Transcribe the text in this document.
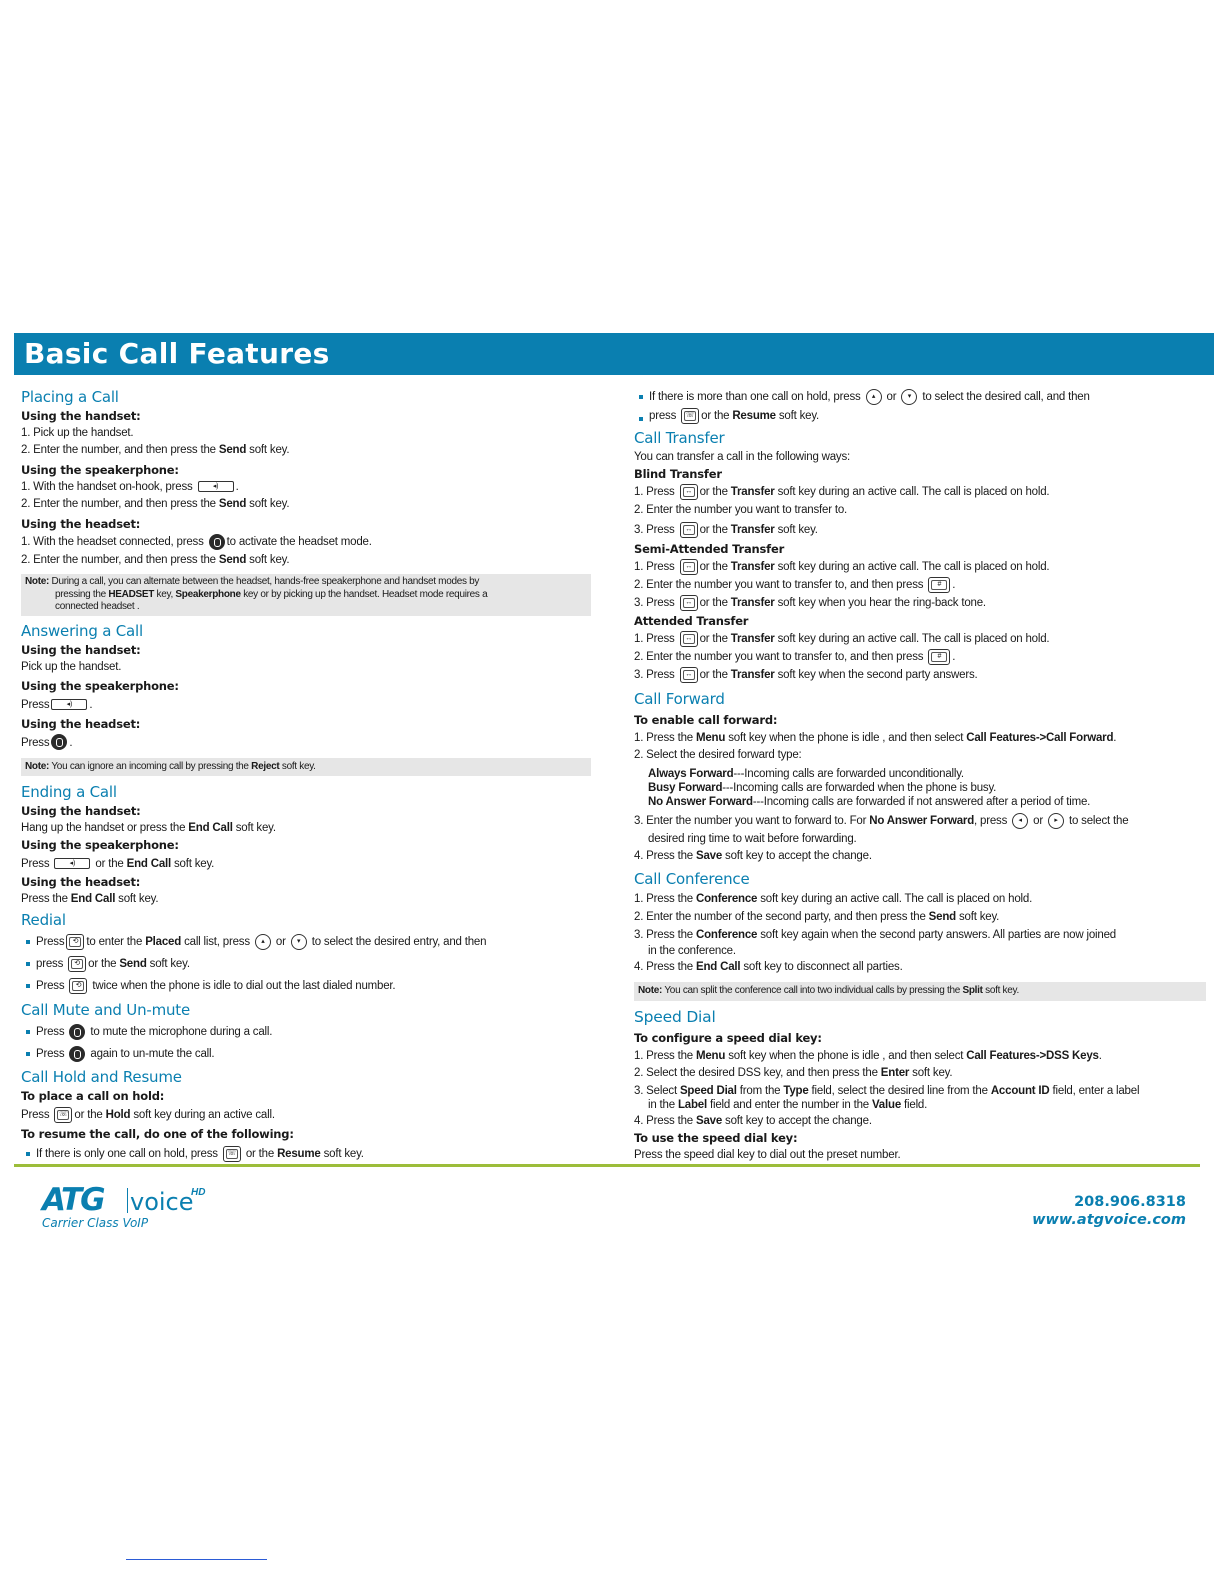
Basic Call Features
Placing a Call
Using the handset:
1. Pick up the handset.
2. Enter the number, and then press the Send soft key.
Using the speakerphone:
1. With the handset on-hook, press	◂)	.
2. Enter the number, and then press the Send soft key.
Using the headset:
1. With the headset connected, press to activate the headset mode.
2. Enter the number, and then press the Send soft key.
Note: During a call, you can alternate between the headset, hands-free speakerphone and handset modes by
pressing the HEADSET key, Speakerphone key or by picking up the handset. Headset mode requires a
connected headset .
Answering a Call
Using the handset:
Pick up the handset.
Using the speakerphone:
Press	◂)	.
Using the headset:
Press .
Note: You can ignore an incoming call by pressing the Reject soft key.
Ending a Call
Using the handset:
Hang up the handset or press the End Call soft key.
Using the speakerphone:
Press	◂)	or the End Call soft key.
Using the headset:
Press the End Call soft key.
Redial
Press	⟲ to enter the Placed call list, press ▴ or ▾ to select the desired entry, and then
press	⟲ or the Send soft key.
Press	⟲ twice when the phone is idle to dial out the last dialed number.
Call Mute and Un-mute
Press to mute the microphone during a call.
Press again to un-mute the call.
Call Hold and Resume
To place a call on hold:
Press ☏ or the Hold soft key during an active call.
To resume the call, do one of the following:
If there is only one call on hold, press ☏ or the Resume soft key.
If there is more than one call on hold, press ▴ or ▾ to select the desired call, and then
press ☏ or the Resume soft key.
Call Transfer
You can transfer a call in the following ways:
Blind Transfer
1. Press	↔ or the Transfer soft key during an active call. The call is placed on hold.
2. Enter the number you want to transfer to.
3. Press	↔ or the Transfer soft key.
Semi-Attended Transfer
1. Press	↔ or the Transfer soft key during an active call. The call is placed on hold.
2. Enter the number you want to transfer to, and then press	# .
3. Press	↔ or the Transfer soft key when you hear the ring-back tone.
Attended Transfer
1. Press	↔ or the Transfer soft key during an active call. The call is placed on hold.
2. Enter the number you want to transfer to, and then press	# .
3. Press	↔ or the Transfer soft key when the second party answers.
Call Forward
To enable call forward:
1. Press the Menu soft key when the phone is idle , and then select Call Features->Call Forward.
2. Select the desired forward type:
Always Forward---Incoming calls are forwarded unconditionally.
Busy Forward---Incoming calls are forwarded when the phone is busy.
No Answer Forward---Incoming calls are forwarded if not answered after a period of time.
3. Enter the number you want to forward to. For No Answer Forward, press ◂ or ▸ to select the
desired ring time to wait before forwarding.
4. Press the Save soft key to accept the change.
Call Conference
1. Press the Conference soft key during an active call. The call is placed on hold.
2. Enter the number of the second party, and then press the Send soft key.
3. Press the Conference soft key again when the second party answers. All parties are now joined
in the conference.
4. Press the End Call soft key to disconnect all parties.
Note: You can split the conference call into two individual calls by pressing the Split soft key.
Speed Dial
To configure a speed dial key:
1. Press the Menu soft key when the phone is idle , and then select Call Features->DSS Keys.
2. Select the desired DSS key, and then press the Enter soft key.
3. Select Speed Dial from the Type field, select the desired line from the Account ID field, enter a label
in the Label field and enter the number in the Value field.
4. Press the Save soft key to accept the change.
To use the speed dial key:
Press the speed dial key to dial out the preset number.
ATG voice
HD
Carrier Class VoIP
208.906.8318
www.atgvoice.com
